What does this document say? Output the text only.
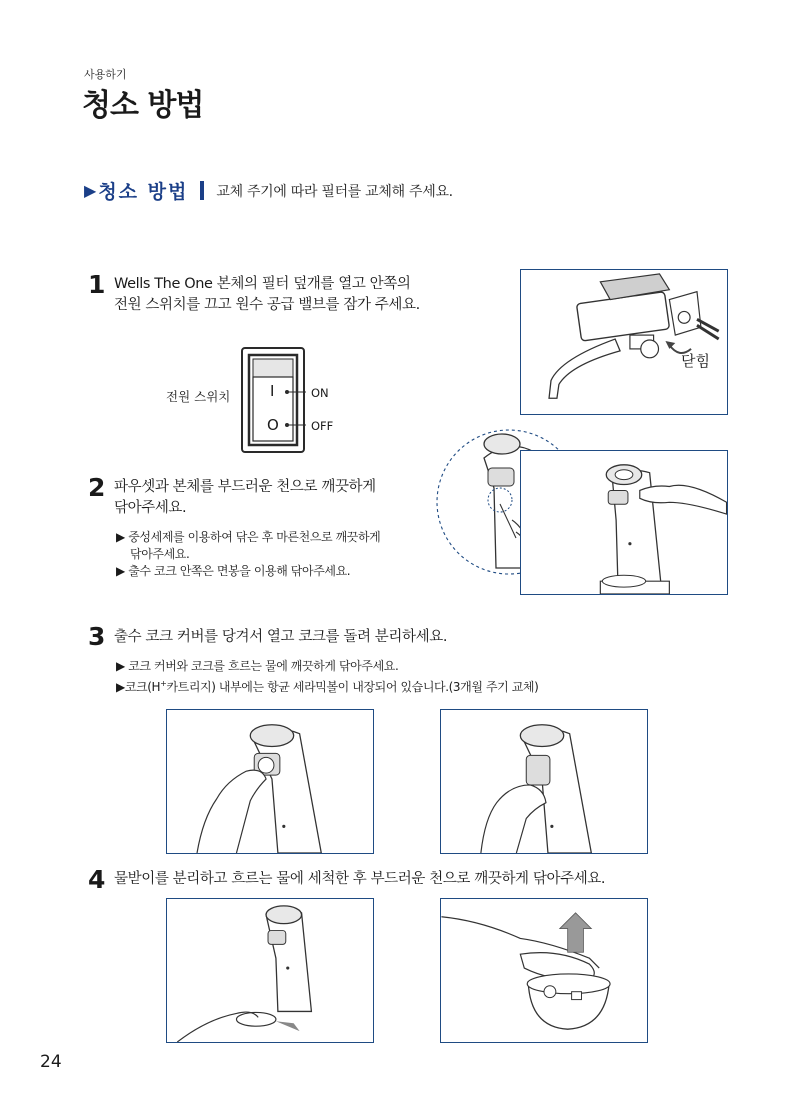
사용하기
청소 방법
▶ 청소 방법 교체 주기에 따라 필터를 교체해 주세요.
1 Wells The One 본체의 필터 덮개를 열고 안쪽의
전원 스위치를 끄고 원수 공급 밸브를 잠가 주세요.
전원 스위치	I
O
ON
OFF
닫힘
2 파우셋과 본체를 부드러운 천으로 깨끗하게
닦아주세요.
▶ 중성세제를 이용하여 닦은 후 마른천으로 깨끗하게
닦아주세요.
▶ 출수 코크 안쪽은 면봉을 이용해 닦아주세요.
3 출수 코크 커버를 당겨서 열고 코크를 돌려 분리하세요.
▶ 코크 커버와 코크를 흐르는 물에 깨끗하게 닦아주세요.
▶코크(H+카트리지) 내부에는 항균 세라믹볼이 내장되어 있습니다.(3개월 주기 교체)
4 물받이를 분리하고 흐르는 물에 세척한 후 부드러운 천으로 깨끗하게 닦아주세요.
24
